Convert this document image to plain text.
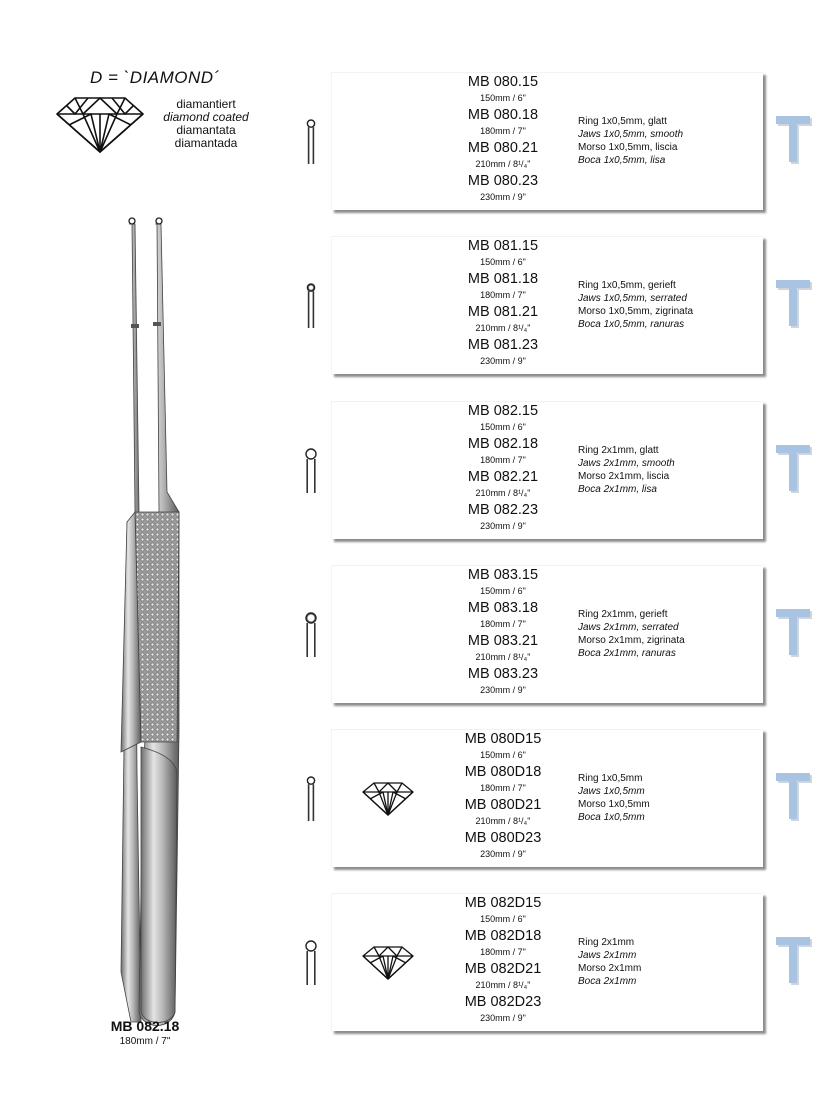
D = `DIAMOND´
diamantiert
diamond coated
diamantata
diamantada
MB 082.18
180mm / 7"
MB 080.15
150mm / 6"
MB 080.18
180mm / 7"
MB 080.21
210mm / 8¹/₄"
MB 080.23
230mm / 9"
Ring 1x0,5mm, glatt
Jaws 1x0,5mm, smooth
Morso 1x0,5mm, liscia
Boca 1x0,5mm, lisa
MB 081.15
150mm / 6"
MB 081.18
180mm / 7"
MB 081.21
210mm / 8¹/₄"
MB 081.23
230mm / 9"
Ring 1x0,5mm, gerieft
Jaws 1x0,5mm, serrated
Morso 1x0,5mm, zigrinata
Boca 1x0,5mm, ranuras
MB 082.15
150mm / 6"
MB 082.18
180mm / 7"
MB 082.21
210mm / 8¹/₄"
MB 082.23
230mm / 9"
Ring 2x1mm, glatt
Jaws 2x1mm, smooth
Morso 2x1mm, liscia
Boca 2x1mm, lisa
MB 083.15
150mm / 6"
MB 083.18
180mm / 7"
MB 083.21
210mm / 8¹/₄"
MB 083.23
230mm / 9"
Ring 2x1mm, gerieft
Jaws 2x1mm, serrated
Morso 2x1mm, zigrinata
Boca 2x1mm, ranuras
MB 080D15
150mm / 6"
MB 080D18
180mm / 7"
MB 080D21
210mm / 8¹/₄"
MB 080D23
230mm / 9"
Ring 1x0,5mm
Jaws 1x0,5mm
Morso 1x0,5mm
Boca 1x0,5mm
MB 082D15
150mm / 6"
MB 082D18
180mm / 7"
MB 082D21
210mm / 8¹/₄"
MB 082D23
230mm / 9"
Ring 2x1mm
Jaws 2x1mm
Morso 2x1mm
Boca 2x1mm
